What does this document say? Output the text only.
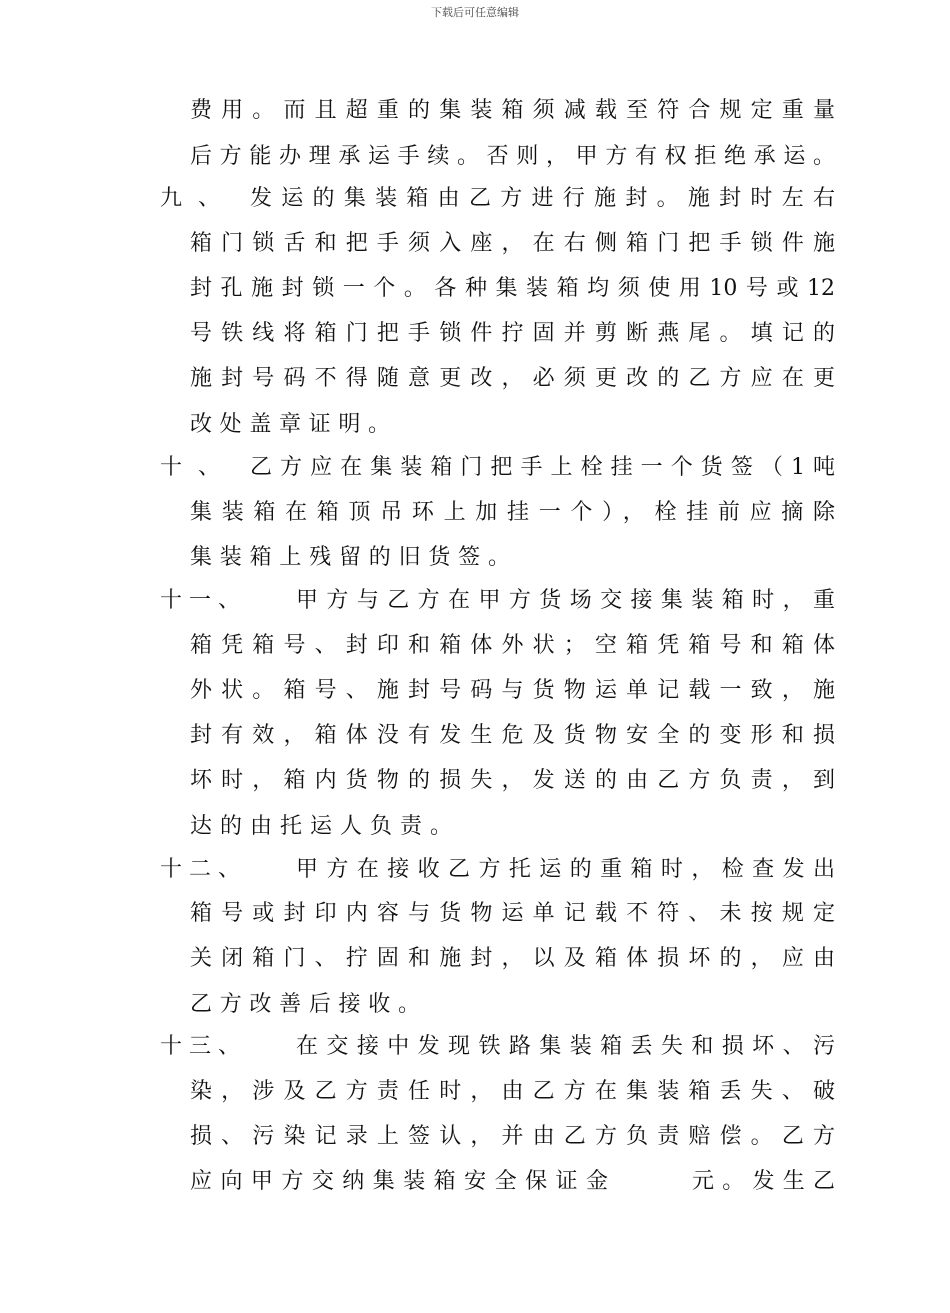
下载后可任意编辑
费用。而且超重的集装箱须减载至符合规定重量
后方能办理承运手续。否则，甲方有权拒绝承运。
九、 发运的集装箱由乙方进行施封。施封时左右
箱门锁舌和把手须入座，在右侧箱门把手锁件施
封孔施封锁一个。各种集装箱均须使用10号或12
号铁线将箱门把手锁件拧固并剪断燕尾。填记的
施封号码不得随意更改，必须更改的乙方应在更
改处盖章证明。
十、 乙方应在集装箱门把手上栓挂一个货签（1吨
集装箱在箱顶吊环上加挂一个），栓挂前应摘除
集装箱上残留的旧货签。
十一、	甲方与乙方在甲方货场交接集装箱时，重
箱凭箱号、封印和箱体外状；空箱凭箱号和箱体
外状。箱号、施封号码与货物运单记载一致，施
封有效，箱体没有发生危及货物安全的变形和损
坏时，箱内货物的损失，发送的由乙方负责，到
达的由托运人负责。
十二、	甲方在接收乙方托运的重箱时，检查发出
箱号或封印内容与货物运单记载不符、未按规定
关闭箱门、拧固和施封，以及箱体损坏的，应由
乙方改善后接收。
十三、	在交接中发现铁路集装箱丢失和损坏、污
染，涉及乙方责任时，由乙方在集装箱丢失、破
损、污染记录上签认，并由乙方负责赔偿。乙方
应向甲方交纳集装箱安全保证金	元。发生乙
